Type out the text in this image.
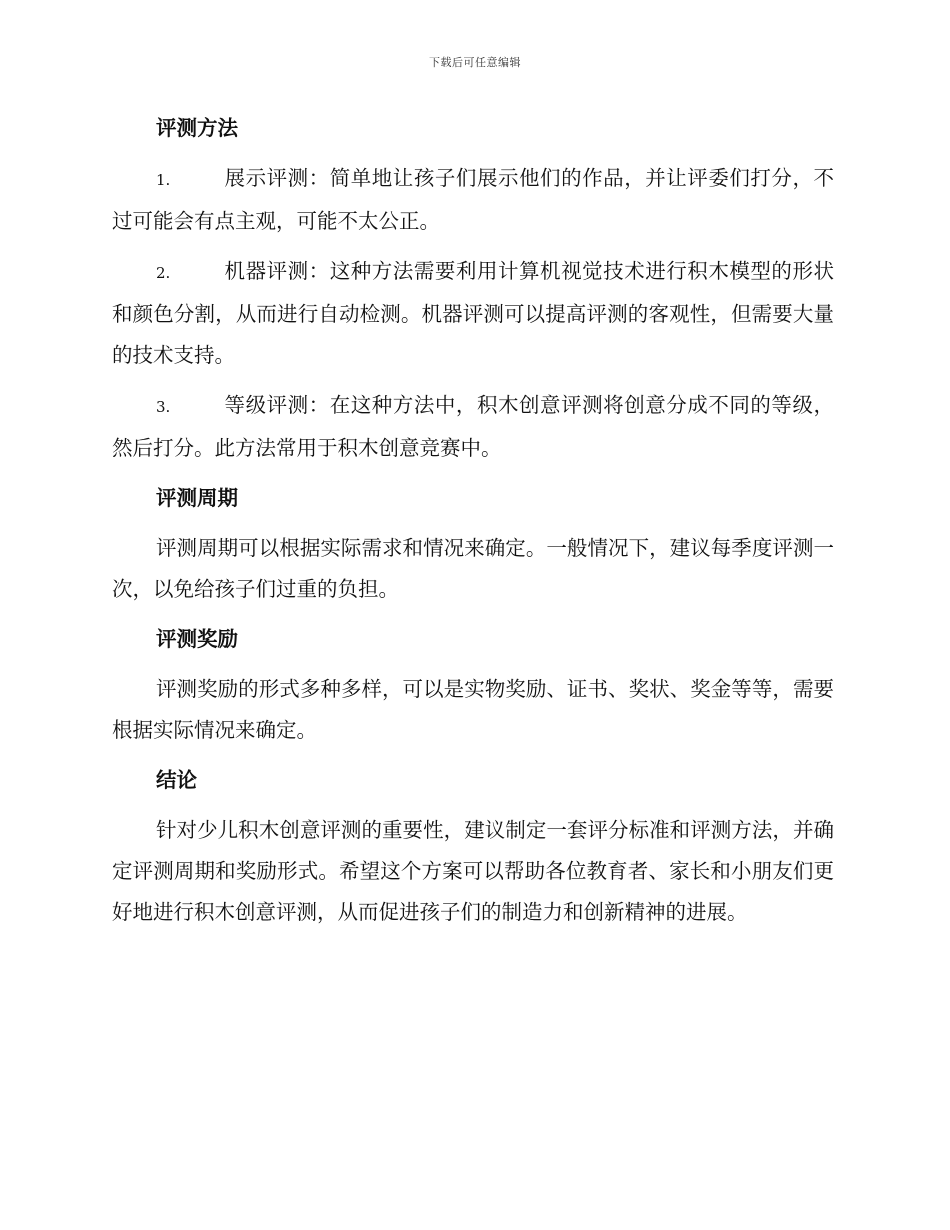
下载后可任意编辑
评测方法
1.	展示评测：简单地让孩子们展示他们的作品，并让评委们打分，不过可能会有点主观，可能不太公正。
2.	机器评测：这种方法需要利用计算机视觉技术进行积木模型的形状和颜色分割，从而进行自动检测。机器评测可以提高评测的客观性，但需要大量的技术支持。
3.	等级评测：在这种方法中，积木创意评测将创意分成不同的等级，然后打分。此方法常用于积木创意竞赛中。
评测周期
评测周期可以根据实际需求和情况来确定。一般情况下，建议每季度评测一次，以免给孩子们过重的负担。
评测奖励
评测奖励的形式多种多样，可以是实物奖励、证书、奖状、奖金等等，需要根据实际情况来确定。
结论
针对少儿积木创意评测的重要性，建议制定一套评分标准和评测方法，并确定评测周期和奖励形式。希望这个方案可以帮助各位教育者、家长和小朋友们更好地进行积木创意评测，从而促进孩子们的制造力和创新精神的进展。
